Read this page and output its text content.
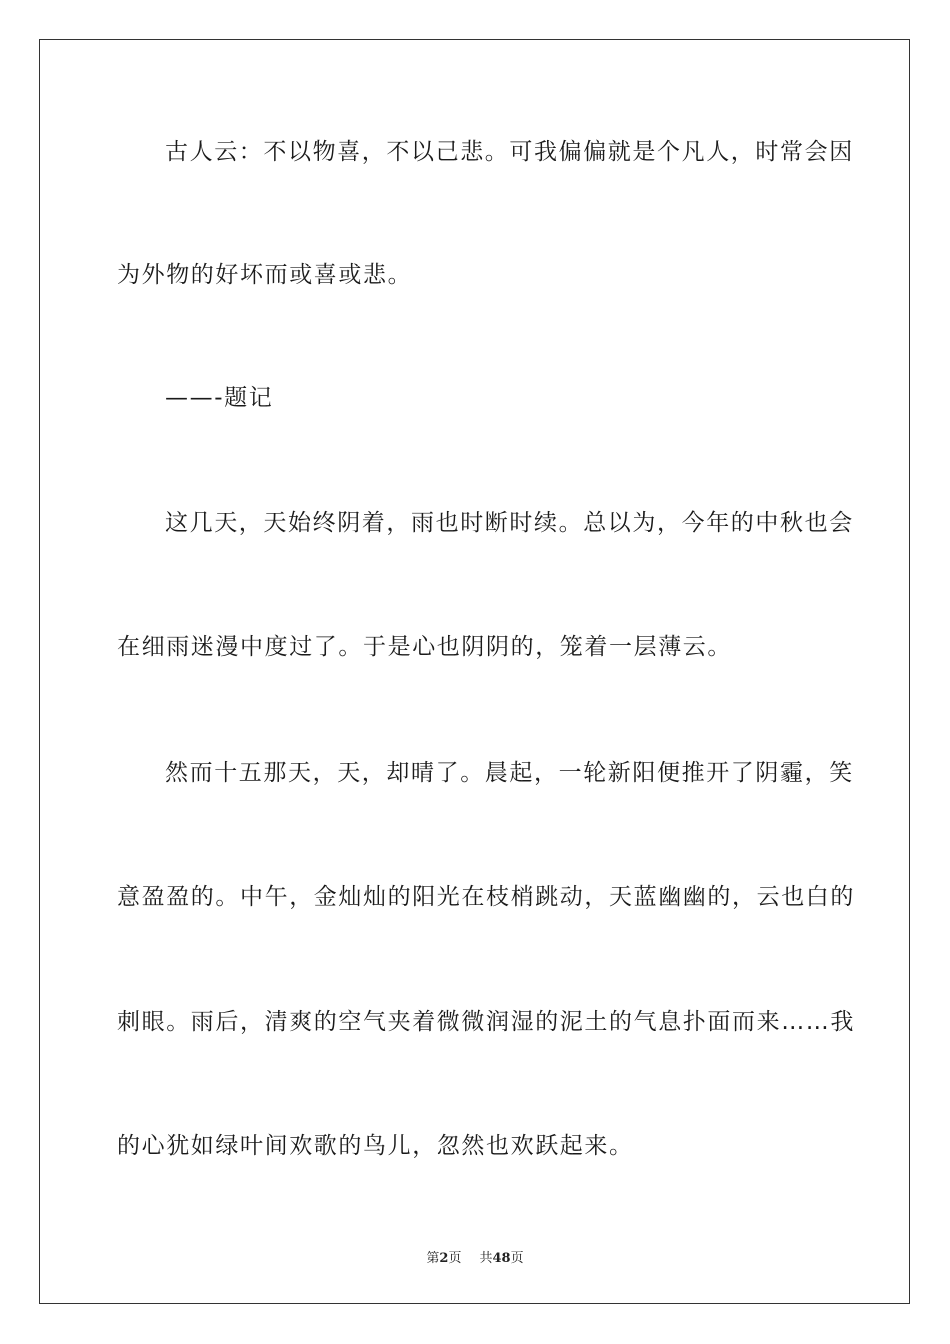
古人云：不以物喜，不以己悲。可我偏偏就是个凡人，时常会因
为外物的好坏而或喜或悲。
——-题记
这几天，天始终阴着，雨也时断时续。总以为，今年的中秋也会
在细雨迷漫中度过了。于是心也阴阴的，笼着一层薄云。
然而十五那天，天，却晴了。晨起，一轮新阳便推开了阴霾，笑
意盈盈的。中午，金灿灿的阳光在枝梢跳动，天蓝幽幽的，云也白的
刺眼。雨后，清爽的空气夹着微微润湿的泥土的气息扑面而来……我
的心犹如绿叶间欢歌的鸟儿，忽然也欢跃起来。
第2页 共48页
